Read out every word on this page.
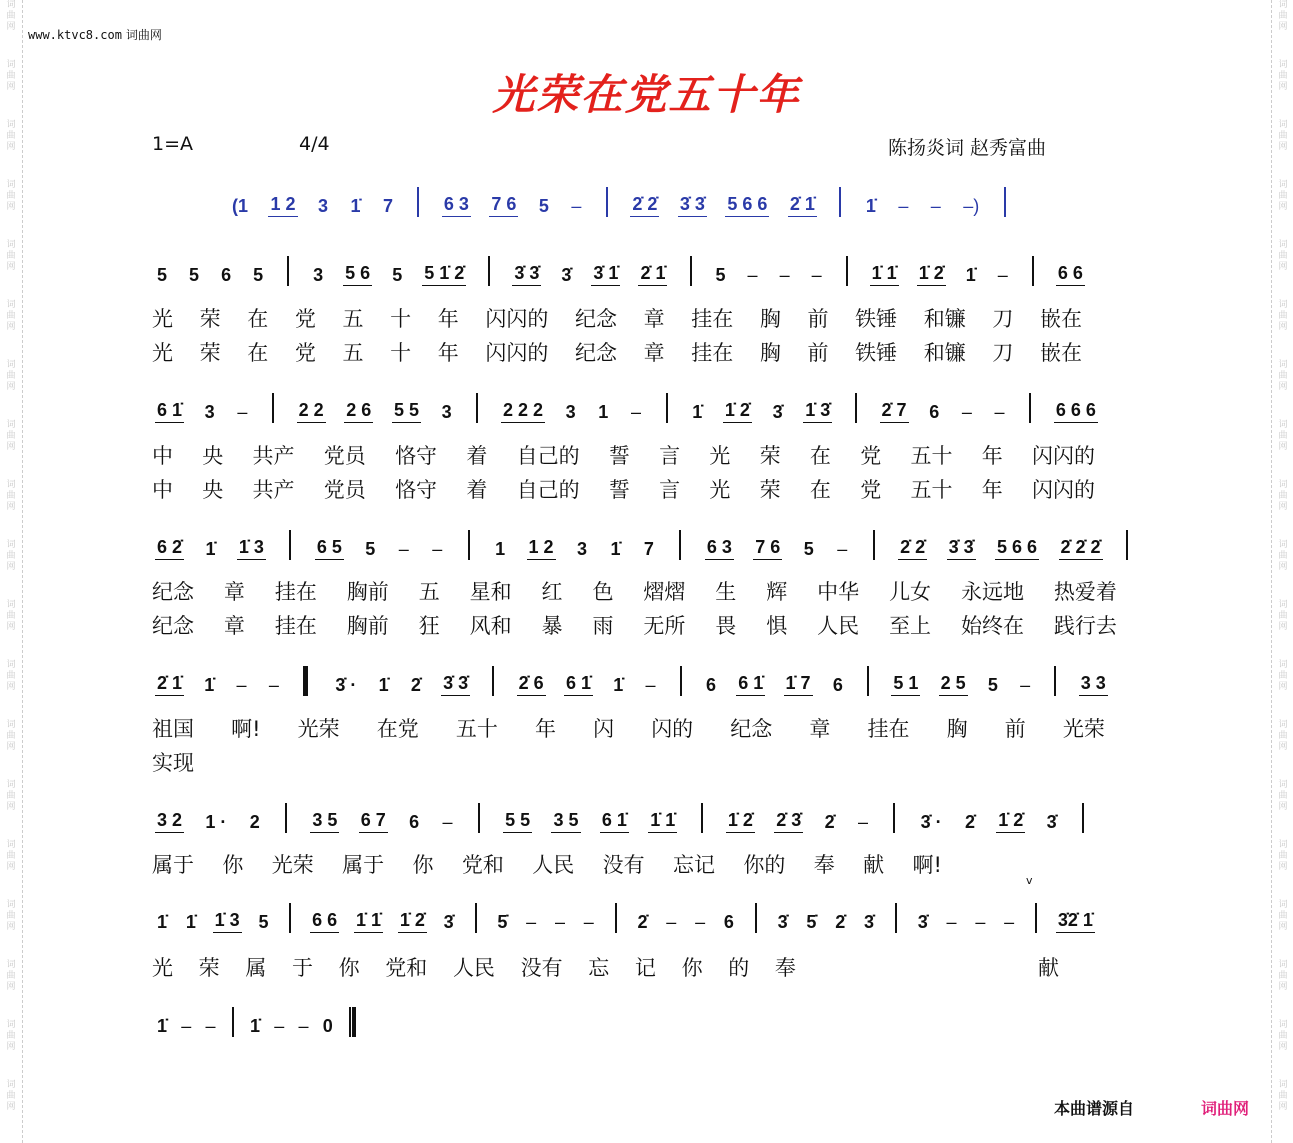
词曲网
词曲网
词曲网
词曲网
词曲网
词曲网
词曲网
词曲网
词曲网
词曲网
词曲网
词曲网
词曲网
词曲网
词曲网
词曲网
词曲网
词曲网
词曲网
词曲网
词曲网
词曲网
词曲网
词曲网
词曲网
词曲网
词曲网
词曲网
词曲网
词曲网
词曲网
词曲网
词曲网
词曲网
词曲网
词曲网
词曲网
词曲网
www.ktvc8.com 词曲网
光荣在党五十年
1=A	4/4	陈扬炎词 赵秀富曲
(1 1 2 3 1̇ 7	6 3 7 6 5 –	2̇ 2̇ 3̇ 3̇ 5 6 6 2̇ 1̇	1̇ – – –)
5 5 6 5	3 5 6 5 5 1̇ 2̇	3̇ 3̇ 3̇ 3̇ 1̇ 2̇ 1̇	5 – – –	1̇ 1̇ 1̇ 2̇ 1̇ –	6 6
6 1̇ 3 –	2 2 2 6 5 5 3	2 2 2 3 1 –	1̇ 1̇ 2̇ 3̇ 1̇ 3̇	2̇ 7 6 – –	6 6 6
6 2̇ 1̇ 1̇ 3	6 5 5 – –	1 1 2 3 1̇ 7	6 3 7 6 5 –	2̇ 2̇ 3̇ 3̇ 5 6 6 2̇ 2̇ 2̇
2̇ 1̇ 1̇ – –	3̇ · 1̇ 2̇ 3̇ 3̇	2̇ 6 6 1̇ 1̇ –	6 6 1̇ 1̇ 7 6	5 1 2 5 5 –	3 3
3 2 1 · 2	3 5 6 7 6 –	5 5 3 5 6 1̇ 1̇ 1̇	1̇ 2̇ 2̇ 3̇ 2̇ –	3̇ · 2̇ 1̇ 2̇ 3̇
1̇ 1̇ 1̇ 3 5 6 6 1̇ 1̇ 1̇ 2̇ 3̇ 5̇ – – – 2̇ – – 6 3̇ 5̇ 2̇ 3̇ 3̇ – – – 3̇2̇ 1̇
1̇ – – 1̇ – – 0
v
光 荣 在 党 五 十 年 闪闪的 纪念 章 挂在 胸 前 铁锤 和镰 刀 嵌在
光 荣 在 党 五 十 年 闪闪的 纪念 章 挂在 胸 前 铁锤 和镰 刀 嵌在
中 央 共产 党员 恪守 着 自己的 誓 言 光 荣 在 党 五十 年 闪闪的
中 央 共产 党员 恪守 着 自己的 誓 言 光 荣 在 党 五十 年 闪闪的
纪念 章 挂在 胸前 五 星和 红 色 熠熠 生 辉 中华 儿女 永远地 热爱着
纪念 章 挂在 胸前 狂 风和 暴 雨 无所 畏 惧 人民 至上 始终在 践行去
祖国 啊! 光荣 在党 五十 年 闪 闪的 纪念 章 挂在 胸 前 光荣
实现
属于 你 光荣 属于 你 党和 人民 没有 忘记 你的 奉 献 啊!
光 荣 属 于 你 党和 人民 没有 忘 记 你 的 奉	献
本曲谱源自	词曲网
